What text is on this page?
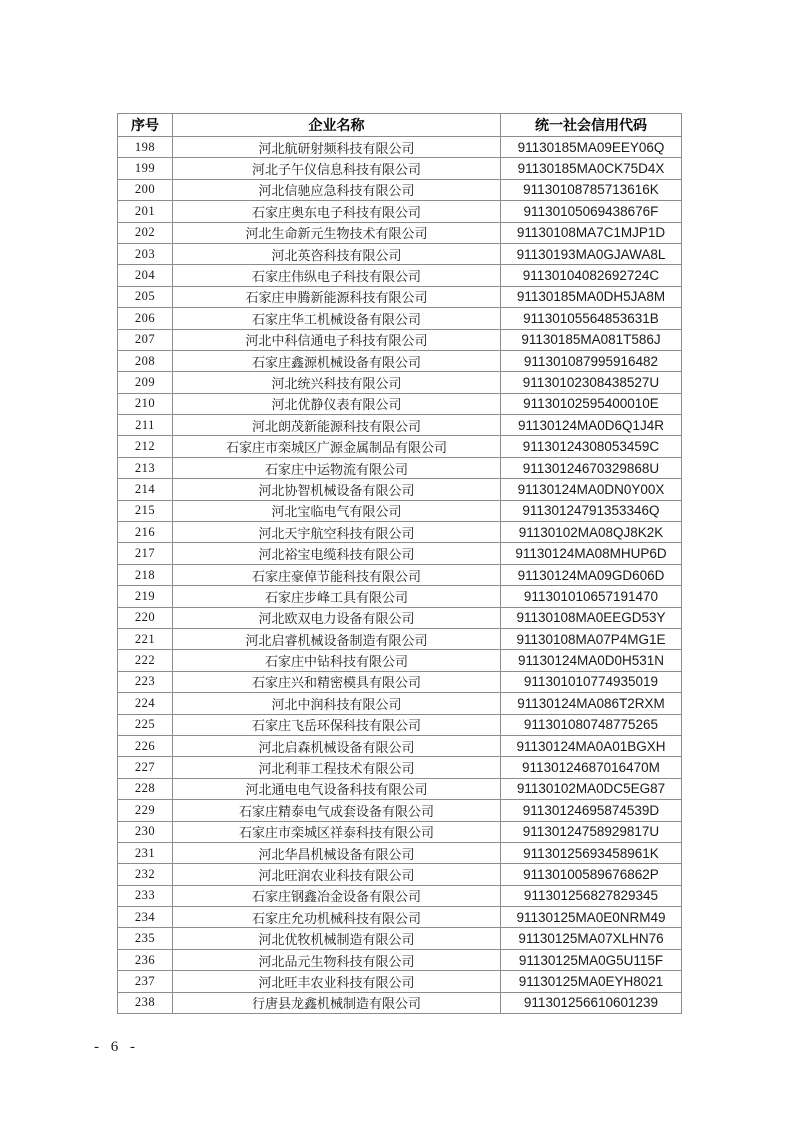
序号	企业名称	统一社会信用代码
198	河北航研射频科技有限公司	91130185MA09EEY06Q
199	河北子午仪信息科技有限公司	91130185MA0CK75D4X
200	河北信驰应急科技有限公司	91130108785713616K
201	石家庄奥东电子科技有限公司	91130105069438676F
202	河北生命新元生物技术有限公司	91130108MA7C1MJP1D
203	河北英咨科技有限公司	91130193MA0GJAWA8L
204	石家庄伟纵电子科技有限公司	91130104082692724C
205	石家庄申腾新能源科技有限公司	91130185MA0DH5JA8M
206	石家庄华工机械设备有限公司	91130105564853631B
207	河北中科信通电子科技有限公司	91130185MA081T586J
208	石家庄鑫源机械设备有限公司	911301087995916482
209	河北统兴科技有限公司	91130102308438527U
210	河北优静仪表有限公司	91130102595400010E
211	河北朗茂新能源科技有限公司	91130124MA0D6Q1J4R
212	石家庄市栾城区广源金属制品有限公司	91130124308053459C
213	石家庄中运物流有限公司	91130124670329868U
214	河北协智机械设备有限公司	91130124MA0DN0Y00X
215	河北宝临电气有限公司	91130124791353346Q
216	河北天宇航空科技有限公司	91130102MA08QJ8K2K
217	河北裕宝电缆科技有限公司	91130124MA08MHUP6D
218	石家庄豪倬节能科技有限公司	91130124MA09GD606D
219	石家庄步峰工具有限公司	911301010657191470
220	河北欧双电力设备有限公司	91130108MA0EEGD53Y
221	河北启睿机械设备制造有限公司	91130108MA07P4MG1E
222	石家庄中钻科技有限公司	91130124MA0D0H531N
223	石家庄兴和精密模具有限公司	911301010774935019
224	河北中润科技有限公司	91130124MA086T2RXM
225	石家庄飞岳环保科技有限公司	911301080748775265
226	河北启森机械设备有限公司	91130124MA0A01BGXH
227	河北利菲工程技术有限公司	91130124687016470M
228	河北通电电气设备科技有限公司	91130102MA0DC5EG87
229	石家庄精泰电气成套设备有限公司	91130124695874539D
230	石家庄市栾城区祥泰科技有限公司	91130124758929817U
231	河北华昌机械设备有限公司	91130125693458961K
232	河北旺润农业科技有限公司	91130100589676862P
233	石家庄钢鑫冶金设备有限公司	911301256827829345
234	石家庄允功机械科技有限公司	91130125MA0E0NRM49
235	河北优牧机械制造有限公司	91130125MA07XLHN76
236	河北品元生物科技有限公司	91130125MA0G5U115F
237	河北旺丰农业科技有限公司	91130125MA0EYH8021
238	行唐县龙鑫机械制造有限公司	911301256610601239
- 6 -
